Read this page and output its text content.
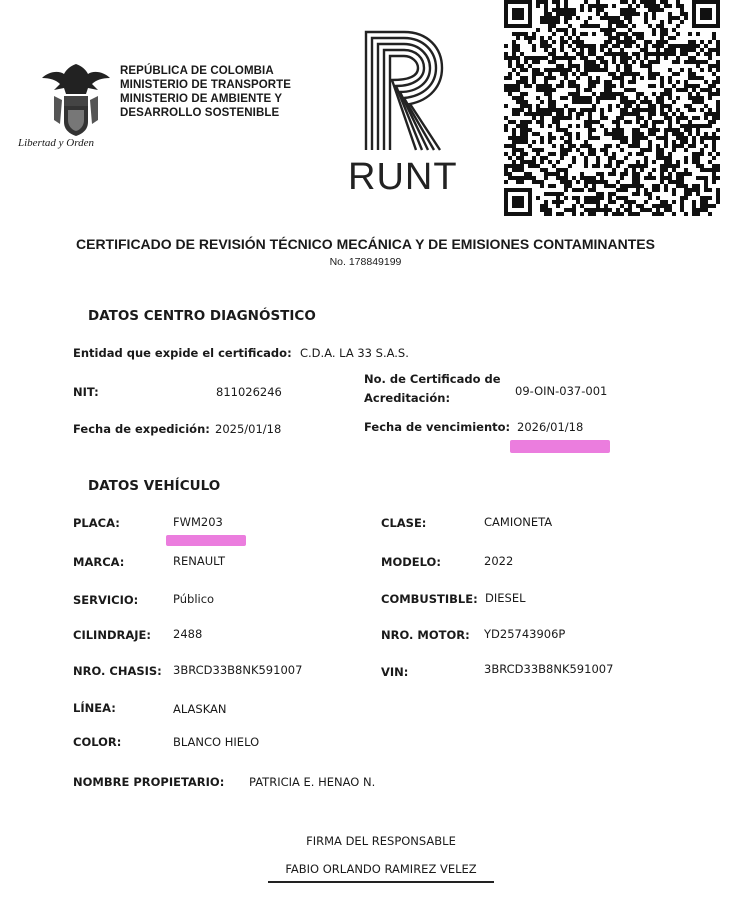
Libertad y Orden
REPÚBLICA DE COLOMBIA
MINISTERIO DE TRANSPORTE
MINISTERIO DE AMBIENTE Y
DESARROLLO SOSTENIBLE
RUNT
CERTIFICADO DE REVISIÓN TÉCNICO MECÁNICA Y DE EMISIONES CONTAMINANTES
No. 178849199
DATOS CENTRO DIAGNÓSTICO
Entidad que expide el certificado: C.D.A. LA 33 S.A.S.
NIT:	811026246
No. de Certificado de Acreditación:	09-OIN-037-001
Fecha de expedición: 2025/01/18	Fecha de vencimiento: 2026/01/18
DATOS VEHÍCULO
PLACA:	FWM203	CLASE:	CAMIONETA
MARCA:	RENAULT	MODELO:	2022
SERVICIO:	Público	COMBUSTIBLE: DIESEL
CILINDRAJE: 2488	NRO. MOTOR: YD25743906P
NRO. CHASIS: 3BRCD33B8NK591007	VIN:	3BRCD33B8NK591007
LÍNEA:	ALASKAN
COLOR:	BLANCO HIELO
NOMBRE PROPIETARIO: PATRICIA E. HENAO N.
FIRMA DEL RESPONSABLE
FABIO ORLANDO RAMIREZ VELEZ
